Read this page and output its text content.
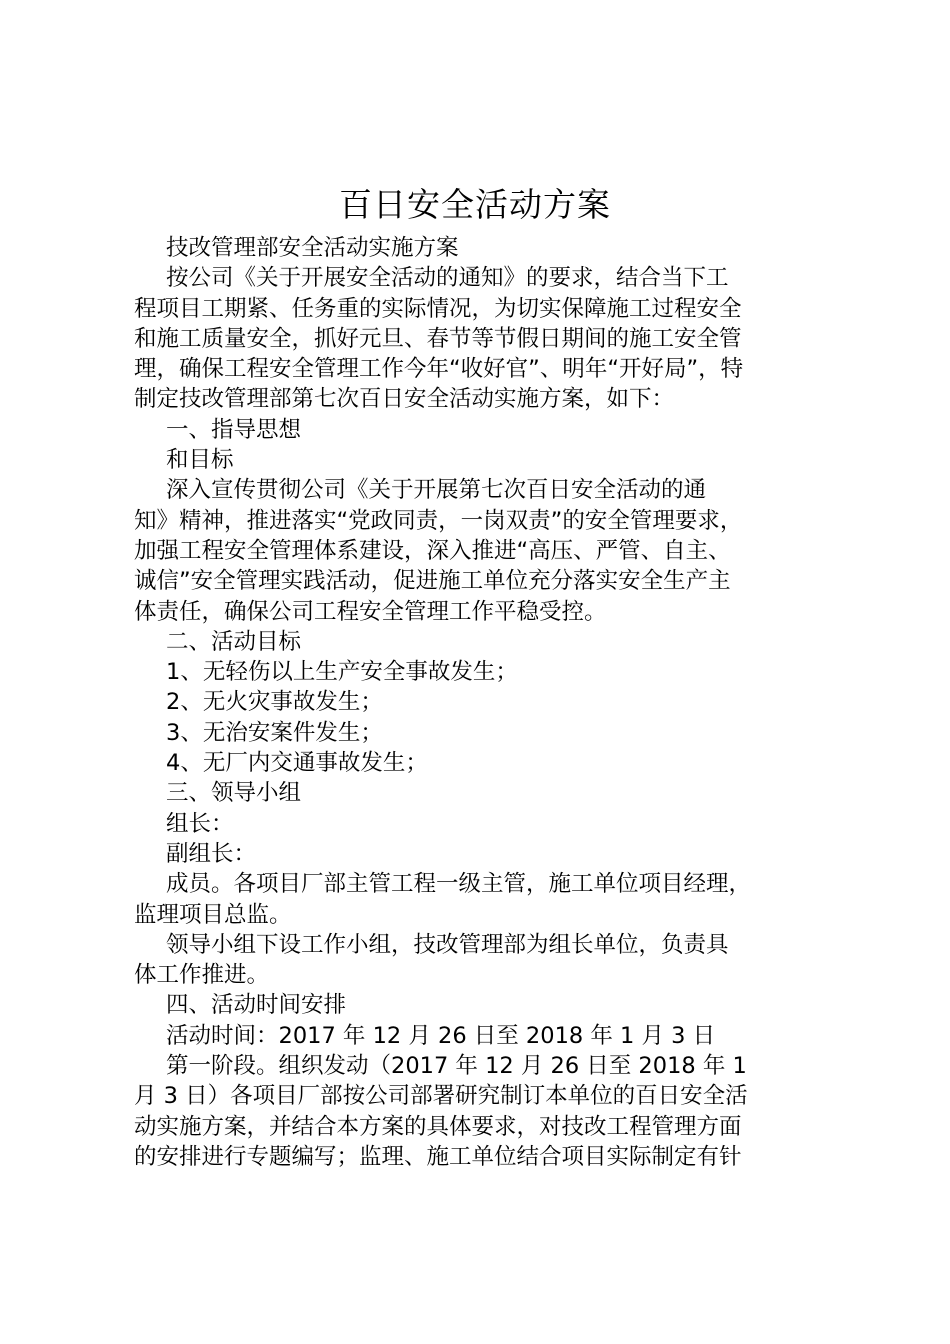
百日安全活动方案

技改管理部安全活动实施方案

按公司《关于开展安全活动的通知》的要求，结合当下工

程项目工期紧、任务重的实际情况，为切实保障施工过程安全

和施工质量安全，抓好元旦、春节等节假日期间的施工安全管

理，确保工程安全管理工作今年“收好官”、明年“开好局”，特

制定技改管理部第七次百日安全活动实施方案，如下：

一、指导思想

和目标

深入宣传贯彻公司《关于开展第七次百日安全活动的通

知》精神，推进落实“党政同责，一岗双责”的安全管理要求，

加强工程安全管理体系建设，深入推进“高压、严管、自主、

诚信”安全管理实践活动，促进施工单位充分落实安全生产主

体责任，确保公司工程安全管理工作平稳受控。

二、活动目标

1、无轻伤以上生产安全事故发生；

2、无火灾事故发生；

3、无治安案件发生；

4、无厂内交通事故发生；

三、领导小组

组长：

副组长：

成员。各项目厂部主管工程一级主管，施工单位项目经理，

监理项目总监。

领导小组下设工作小组，技改管理部为组长单位，负责具

体工作推进。

四、活动时间安排

活动时间：2017 年 12 月 26 日至 2018 年 1 月 3 日

第一阶段。组织发动（2017 年 12 月 26 日至 2018 年 1

月 3 日）各项目厂部按公司部署研究制订本单位的百日安全活

动实施方案，并结合本方案的具体要求，对技改工程管理方面

的安排进行专题编写；监理、施工单位结合项目实际制定有针
